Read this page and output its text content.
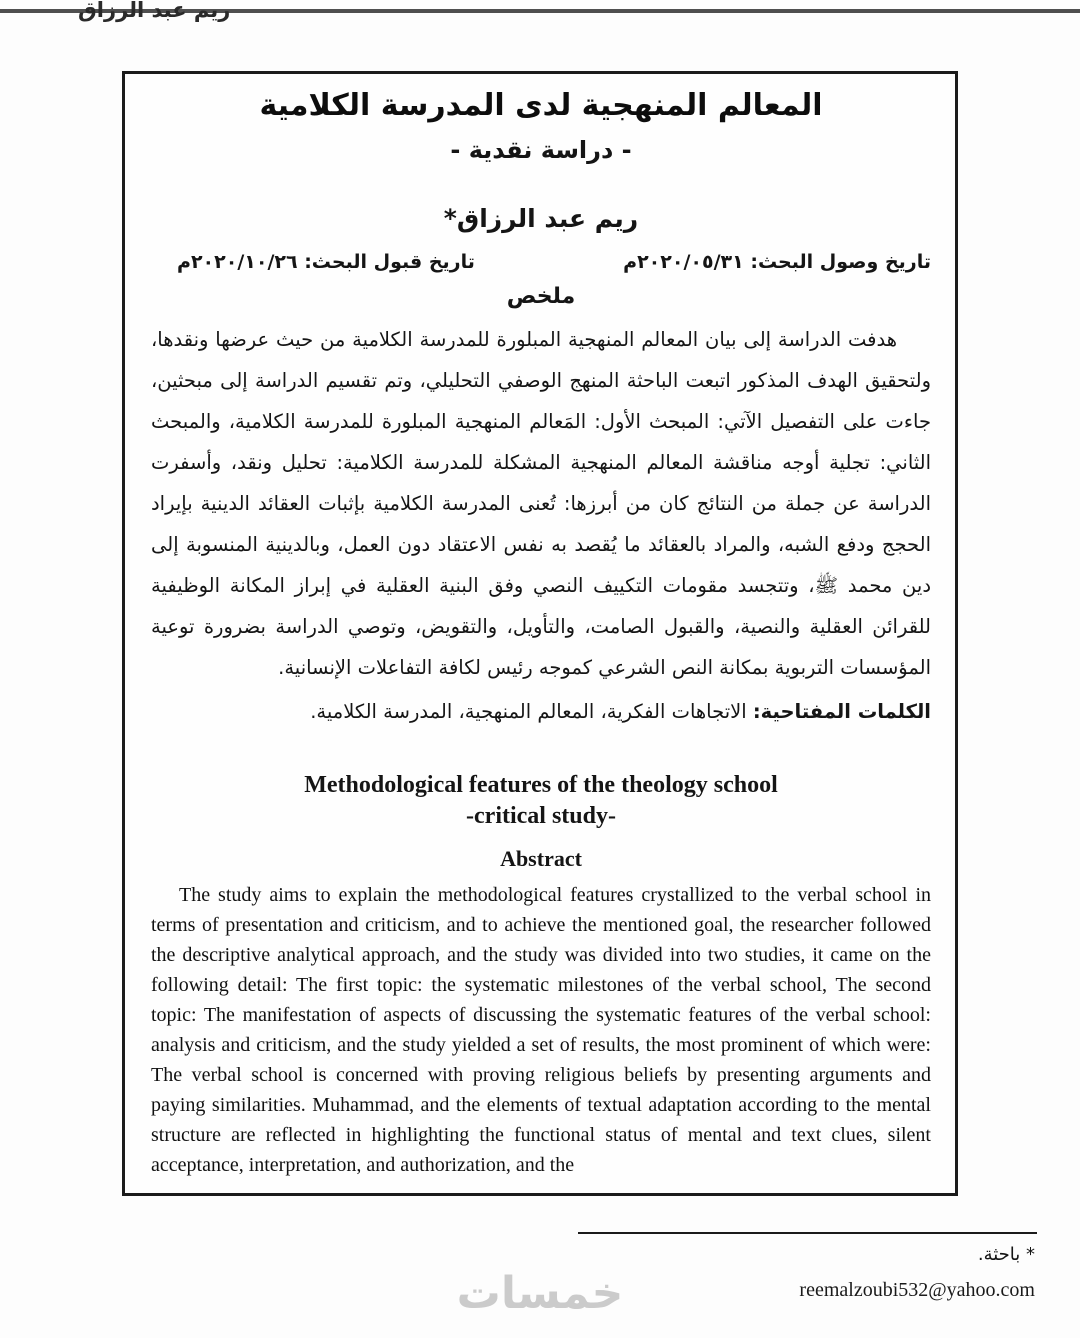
ريم عبد الرزاق
المعالم المنهجية لدى المدرسة الكلامية
- دراسة نقدية -
ريم عبد الرزاق*
تاريخ وصول البحث: ٢٠٢٠/٠٥/٣١م
تاريخ قبول البحث: ٢٠٢٠/١٠/٢٦م
ملخص

هدفت الدراسة إلى بيان المعالم المنهجية المبلورة للمدرسة الكلامية من حيث عرضها ونقدها، ولتحقيق الهدف المذكور اتبعت الباحثة المنهج الوصفي التحليلي، وتم تقسيم الدراسة إلى مبحثين، جاءت على التفصيل الآتي: المبحث الأول: المَعالم المنهجية المبلورة للمدرسة الكلامية، والمبحث الثاني: تجلية أوجه مناقشة المعالم المنهجية المشكلة للمدرسة الكلامية: تحليل ونقد، وأسفرت الدراسة عن جملة من النتائج كان من أبرزها: تُعنى المدرسة الكلامية بإثبات العقائد الدينية بإيراد الحجج ودفع الشبه، والمراد بالعقائد ما يُقصد به نفس الاعتقاد دون العمل، وبالدينية المنسوبة إلى دين محمد ﷺ، وتتجسد مقومات التكييف النصي وفق البنية العقلية في إبراز المكانة الوظيفية للقرائن العقلية والنصية، والقبول الصامت، والتأويل، والتقويض، وتوصي الدراسة بضرورة توعية المؤسسات التربوية بمكانة النص الشرعي كموجه رئيس لكافة التفاعلات الإنسانية.

الكلمات المفتاحية: الاتجاهات الفكرية، المعالم المنهجية، المدرسة الكلامية.

Methodological features of the theology school
-critical study-
Abstract

The study aims to explain the methodological features crystallized to the verbal school in terms of presentation and criticism, and to achieve the mentioned goal, the researcher followed the descriptive analytical approach, and the study was divided into two studies, it came on the following detail: The first topic: the systematic milestones of the verbal school, The second topic: The manifestation of aspects of discussing the systematic features of the verbal school: analysis and criticism, and the study yielded a set of results, the most prominent of which were: The verbal school is concerned with proving religious beliefs by presenting arguments and paying similarities. Muhammad, and the elements of textual adaptation according to the mental structure are reflected in highlighting the functional status of mental and text clues, silent acceptance, interpretation, and authorization, and the

* باحثة.
reemalzoubi532@yahoo.com
خمسات
